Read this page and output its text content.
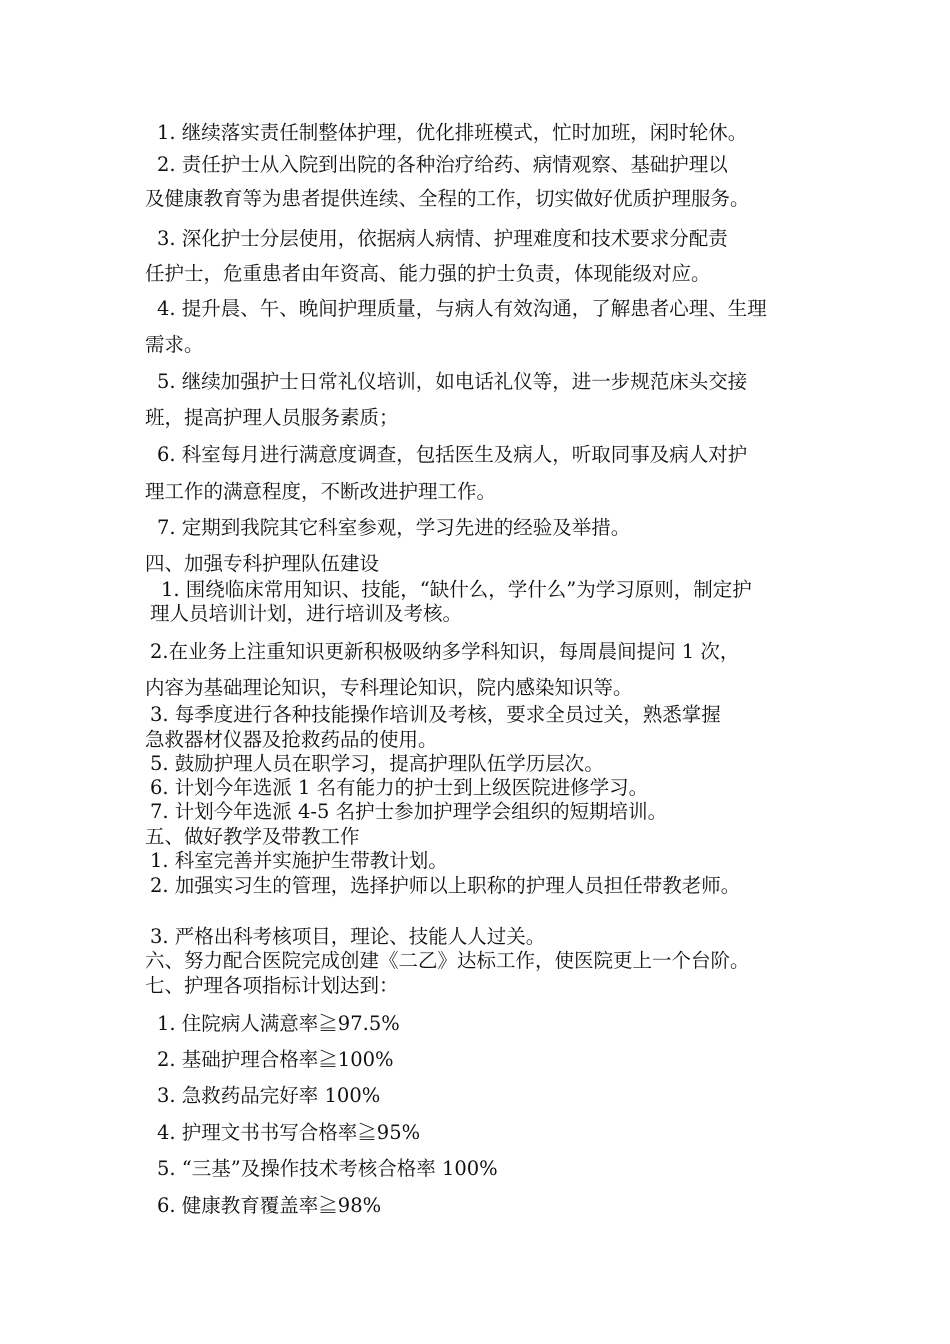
1. 继续落实责任制整体护理，优化排班模式，忙时加班，闲时轮休。
2. 责任护士从入院到出院的各种治疗给药、病情观察、基础护理以
及健康教育等为患者提供连续、全程的工作，切实做好优质护理服务。
3. 深化护士分层使用，依据病人病情、护理难度和技术要求分配责
任护士，危重患者由年资高、能力强的护士负责，体现能级对应。
4. 提升晨、午、晚间护理质量，与病人有效沟通，了解患者心理、生理
需求。
5. 继续加强护士日常礼仪培训，如电话礼仪等，进一步规范床头交接
班，提高护理人员服务素质；
6. 科室每月进行满意度调查，包括医生及病人，听取同事及病人对护
理工作的满意程度，不断改进护理工作。
7. 定期到我院其它科室参观，学习先进的经验及举措。
四、加强专科护理队伍建设
1. 围绕临床常用知识、技能，“缺什么，学什么”为学习原则，制定护
理人员培训计划，进行培训及考核。
2.在业务上注重知识更新积极吸纳多学科知识，每周晨间提问 1 次，
内容为基础理论知识，专科理论知识，院内感染知识等。
3. 每季度进行各种技能操作培训及考核，要求全员过关，熟悉掌握
急救器材仪器及抢救药品的使用。
5. 鼓励护理人员在职学习，提高护理队伍学历层次。
6. 计划今年选派 1 名有能力的护士到上级医院进修学习。
7. 计划今年选派 4-5 名护士参加护理学会组织的短期培训。
五、做好教学及带教工作
1. 科室完善并实施护生带教计划。
2. 加强实习生的管理，选择护师以上职称的护理人员担任带教老师。
3. 严格出科考核项目，理论、技能人人过关。
六、努力配合医院完成创建《二乙》达标工作，使医院更上一个台阶。
七、护理各项指标计划达到：
1. 住院病人满意率≧97.5%
2. 基础护理合格率≧100%
3. 急救药品完好率 100%
4. 护理文书书写合格率≧95%
5. “三基”及操作技术考核合格率 100%
6. 健康教育覆盖率≧98%
